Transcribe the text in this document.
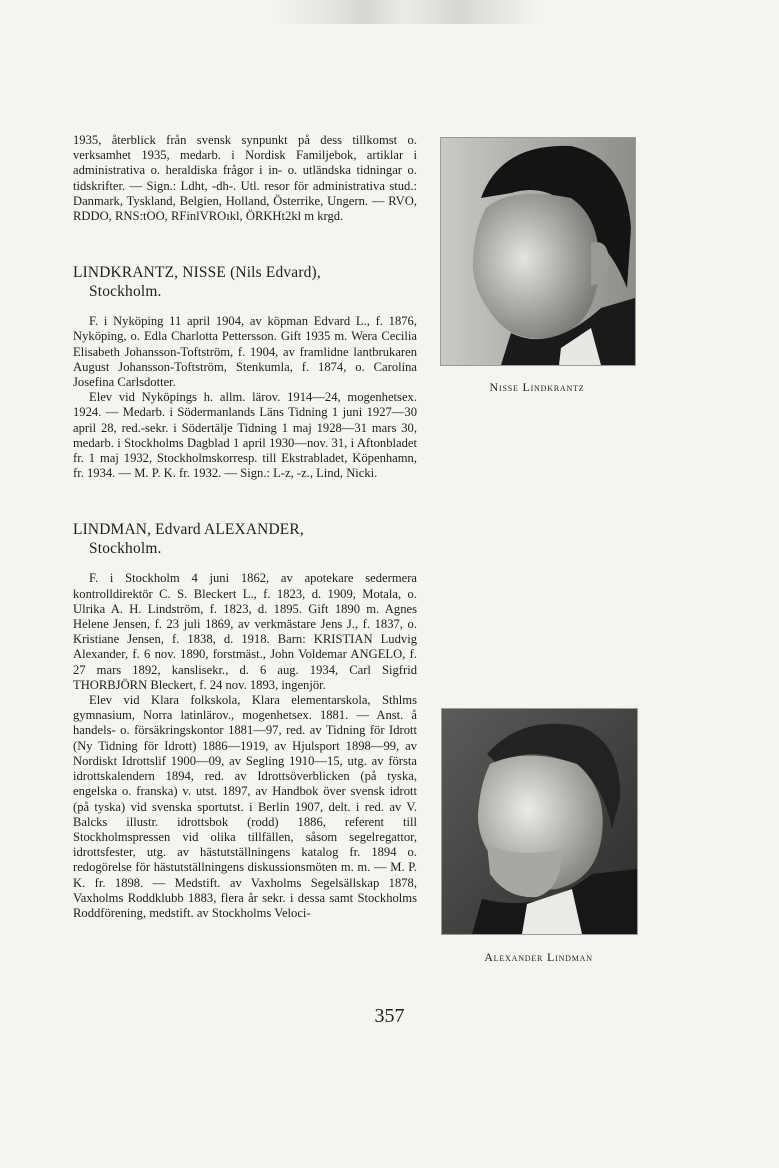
1935, återblick från svensk synpunkt på dess tillkomst o. verksamhet 1935, medarb. i Nordisk Familjebok, artiklar i administrativa o. heraldiska frågor i in- o. utländska tidningar o. tidskrifter. — Sign.: Ldht, -dh-. Utl. resor för administrativa stud.: Danmark, Tyskland, Belgien, Holland, Österrike, Ungern. — RVO, RDDO, RNS:tOO, RFinlVROıkl, ÖRKHt2kl m krgd.

LINDKRANTZ, NISSE (Nils Edvard),
Stockholm.

F. i Nyköping 11 april 1904, av köpman Edvard L., f. 1876, Nyköping, o. Edla Charlotta Pettersson. Gift 1935 m. Wera Cecilia Elisabeth Johansson-Toftström, f. 1904, av framlidne lantbrukaren August Johansson-Toftström, Stenkumla, f. 1874, o. Carolina Josefina Carlsdotter.

Elev vid Nyköpings h. allm. lärov. 1914—24, mogenhetsex. 1924. — Medarb. i Södermanlands Läns Tidning 1 juni 1927—30 april 28, red.-sekr. i Södertälje Tidning 1 maj 1928—31 mars 30, medarb. i Stockholms Dagblad 1 april 1930—nov. 31, i Aftonbladet fr. 1 maj 1932, Stockholmskorresp. till Ekstrabladet, Köpenhamn, fr. 1934. — M. P. K. fr. 1932. — Sign.: L-z, -z., Lind, Nicki.

LINDMAN, Edvard ALEXANDER,
Stockholm.

F. i Stockholm 4 juni 1862, av apotekare sedermera kontrolldirektör C. S. Bleckert L., f. 1823, d. 1909, Motala, o. Ulrika A. H. Lindström, f. 1823, d. 1895. Gift 1890 m. Agnes Helene Jensen, f. 23 juli 1869, av verkmästare Jens J., f. 1837, o. Kristiane Jensen, f. 1838, d. 1918. Barn: KRISTIAN Ludvig Alexander, f. 6 nov. 1890, forstmäst., John Voldemar ANGELO, f. 27 mars 1892, kanslisekr., d. 6 aug. 1934, Carl Sigfrid THORBJÖRN Bleckert, f. 24 nov. 1893, ingenjör.

Elev vid Klara folkskola, Klara elementarskola, Sthlms gymnasium, Norra latinlärov., mogenhetsex. 1881. — Anst. å handels- o. försäkringskontor 1881—97, red. av Tidning för Idrott (Ny Tidning för Idrott) 1886—1919, av Hjulsport 1898—99, av Nordiskt Idrottslif 1900—09, av Segling 1910—15, utg. av första idrottskalendern 1894, red. av Idrottsöverblicken (på tyska, engelska o. franska) v. utst. 1897, av Handbok över svensk idrott (på tyska) vid svenska sportutst. i Berlin 1907, delt. i red. av V. Balcks illustr. idrottsbok (rodd) 1886, referent till Stockholmspressen vid olika tillfällen, såsom segelregattor, idrottsfester, utg. av hästutställningens katalog fr. 1894 o. redogörelse för hästutställningens diskussionsmöten m. m. — M. P. K. fr. 1898. — Medstift. av Vaxholms Segelsällskap 1878, Vaxholms Roddklubb 1883, flera år sekr. i dessa samt Stockholms Roddförening, medstift. av Stockholms Veloci-

Nisse Lindkrantz
Alexander Lindman
357
